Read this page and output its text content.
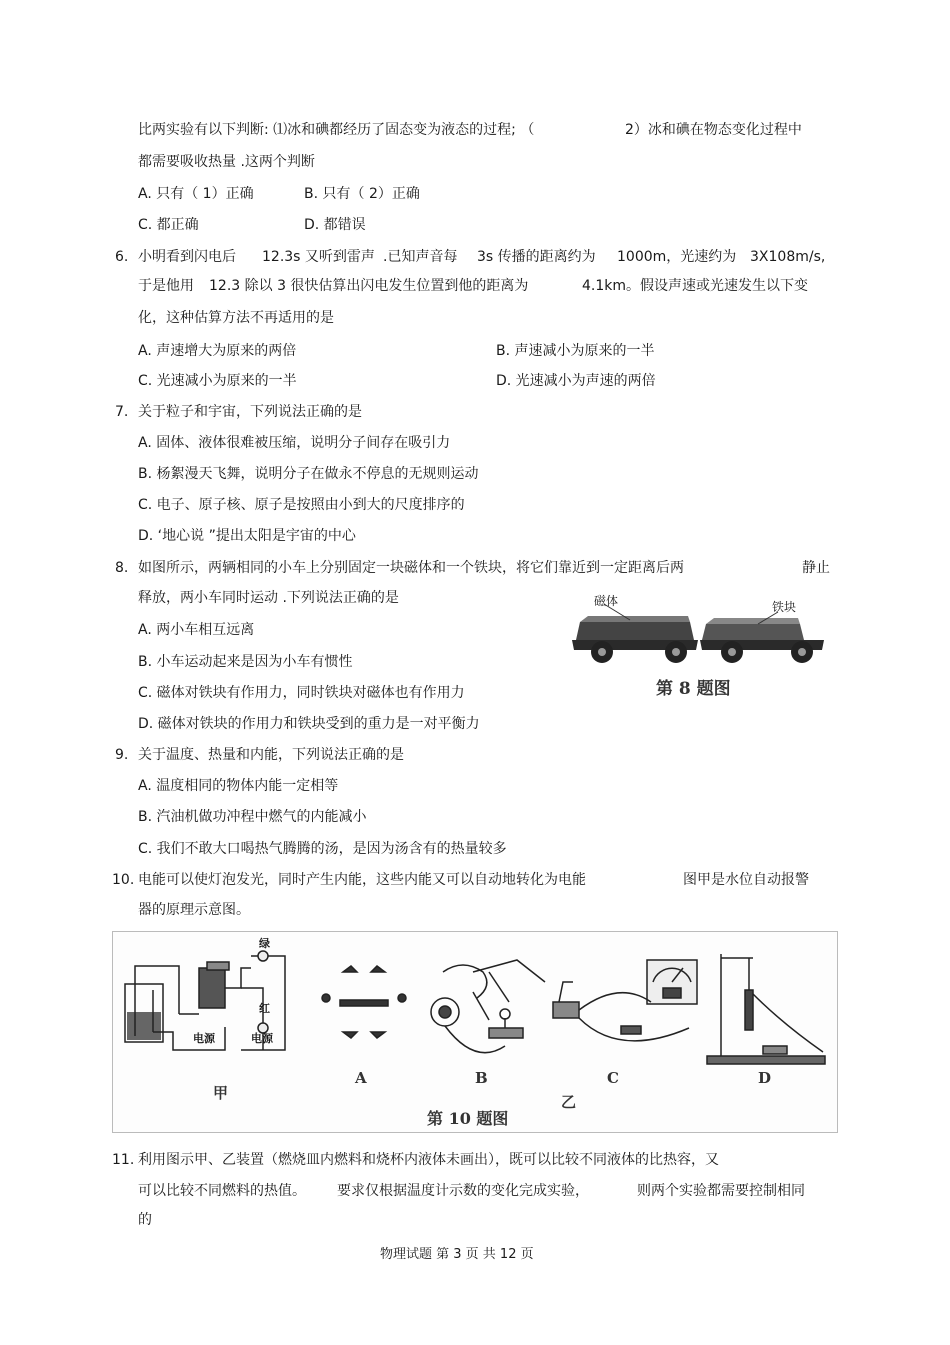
比两实验有以下判断: ⑴冰和碘都经历了固态变为液态的过程; （	2）冰和碘在物态变化过程中
都需要吸收热量 .这两个判断
A. 只有（ 1）正确	B. 只有（ 2）正确
C. 都正确	D. 都错误
6. 小明看到闪电后 12.3s 又听到雷声 .已知声音每 3s 传播的距离约为 1000m，光速约为 3X108m/s,
于是他用 12.3 除以 3 很快估算出闪电发生位置到他的距离为	4.1km。假设声速或光速发生以下变
化，这种估算方法不再适用的是
A. 声速增大为原来的两倍	B. 声速减小为原来的一半
C. 光速减小为原来的一半	D. 光速减小为声速的两倍
7. 关于粒子和宇宙，下列说法正确的是
A. 固体、液体很难被压缩，说明分子间存在吸引力
B. 杨絮漫天飞舞，说明分子在做永不停息的无规则运动
C. 电子、原子核、原子是按照由小到大的尺度排序的
D. ‘地心说 ”提出太阳是宇宙的中心
8. 如图所示，两辆相同的小车上分别固定一块磁体和一个铁块，将它们靠近到一定距离后两	静止
释放，两小车同时运动 .下列说法正确的是
A. 两小车相互远离
B. 小车运动起来是因为小车有惯性
C. 磁体对铁块有作用力，同时铁块对磁体也有作用力
D. 磁体对铁块的作用力和铁块受到的重力是一对平衡力
磁体	铁块
第 8 题图
9. 关于温度、热量和内能，下列说法正确的是
A. 温度相同的物体内能一定相等
B. 汽油机做功冲程中燃气的内能减小
C. 我们不敢大口喝热气腾腾的汤，是因为汤含有的热量较多
10. 电能可以使灯泡发光，同时产生内能，这些内能又可以自动地转化为电能	图甲是水位自动报警
器的原理示意图。
绿
红
电源	电源
甲
A	B	C	D
乙
第 10 题图
11. 利用图示甲、乙装置（燃烧皿内燃料和烧杯内液体未画出），既可以比较不同液体的比热容，又
可以比较不同燃料的热值。 要求仅根据温度计示数的变化完成实验，	则两个实验都需要控制相同
的
物理试题 第 3 页 共 12 页
